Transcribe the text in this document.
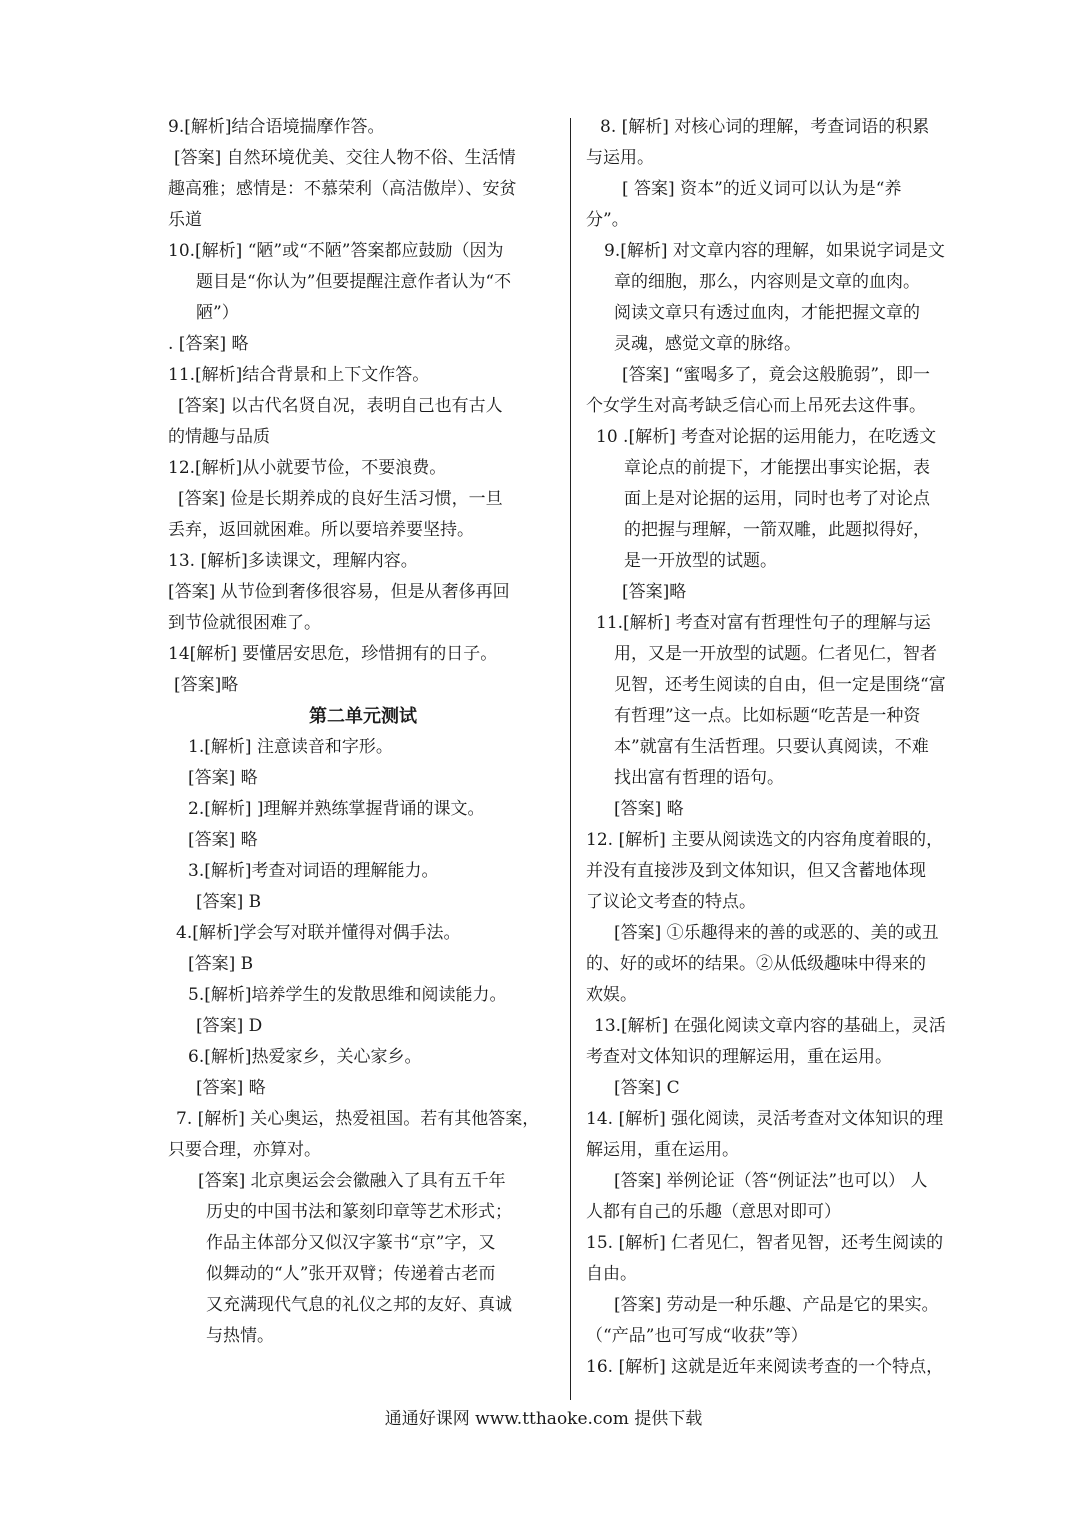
9.[解析]结合语境揣摩作答。
[答案] 自然环境优美、交往人物不俗、生活情
趣高雅；感情是：不慕荣利（高洁傲岸）、安贫
乐道
10.[解析] “陋”或“不陋”答案都应鼓励（因为
题目是“你认为”但要提醒注意作者认为“不
陋”）
. [答案] 略
11.[解析]结合背景和上下文作答。
[答案] 以古代名贤自况，表明自己也有古人
的情趣与品质
12.[解析]从小就要节俭，不要浪费。
[答案] 俭是长期养成的良好生活习惯，一旦
丢弃，返回就困难。所以要培养要坚持。
13. [解析]多读课文，理解内容。
[答案] 从节俭到奢侈很容易，但是从奢侈再回
到节俭就很困难了。
14[解析] 要懂居安思危，珍惜拥有的日子。
[答案]略
第二单元测试
1.[解析] 注意读音和字形。
[答案] 略
2.[解析] ]理解并熟练掌握背诵的课文。
[答案] 略
3.[解析]考查对词语的理解能力。
[答案] B
4.[解析]学会写对联并懂得对偶手法。
[答案] B
5.[解析]培养学生的发散思维和阅读能力。
[答案] D
6.[解析]热爱家乡，关心家乡。
[答案] 略
7. [解析] 关心奥运，热爱祖国。若有其他答案，
只要合理，亦算对。
[答案] 北京奥运会会徽融入了具有五千年
历史的中国书法和篆刻印章等艺术形式；
作品主体部分又似汉字篆书“京”字，又
似舞动的“人”张开双臂；传递着古老而
又充满现代气息的礼仪之邦的友好、真诚
与热情。
8. [解析] 对核心词的理解，考查词语的积累
与运用。
[ 答案] 资本”的近义词可以认为是“养
分”。
9.[解析] 对文章内容的理解，如果说字词是文
章的细胞，那么，内容则是文章的血肉。
阅读文章只有透过血肉，才能把握文章的
灵魂，感觉文章的脉络。
[答案] “蜜喝多了，竟会这般脆弱”，即一
个女学生对高考缺乏信心而上吊死去这件事。
10 .[解析] 考查对论据的运用能力，在吃透文
章论点的前提下，才能摆出事实论据，表
面上是对论据的运用，同时也考了对论点
的把握与理解，一箭双雕，此题拟得好，
是一开放型的试题。
[答案]略
11.[解析] 考查对富有哲理性句子的理解与运
用，又是一开放型的试题。仁者见仁，智者
见智，还考生阅读的自由，但一定是围绕“富
有哲理”这一点。比如标题“吃苦是一种资
本”就富有生活哲理。只要认真阅读，不难
找出富有哲理的语句。
[答案] 略
12. [解析] 主要从阅读选文的内容角度着眼的，
并没有直接涉及到文体知识，但又含蓄地体现
了议论文考查的特点。
[答案] ①乐趣得来的善的或恶的、美的或丑
的、好的或坏的结果。②从低级趣味中得来的
欢娱。
13.[解析] 在强化阅读文章内容的基础上，灵活
考查对文体知识的理解运用，重在运用。
[答案] C
14. [解析] 强化阅读，灵活考查对文体知识的理
解运用，重在运用。
[答案] 举例论证（答“例证法”也可以） 人
人都有自己的乐趣（意思对即可）
15. [解析] 仁者见仁，智者见智，还考生阅读的
自由。
[答案] 劳动是一种乐趣、产品是它的果实。
（“产品”也可写成“收获”等）
16. [解析] 这就是近年来阅读考查的一个特点，
通通好课网 www.tthaoke.com 提供下载
